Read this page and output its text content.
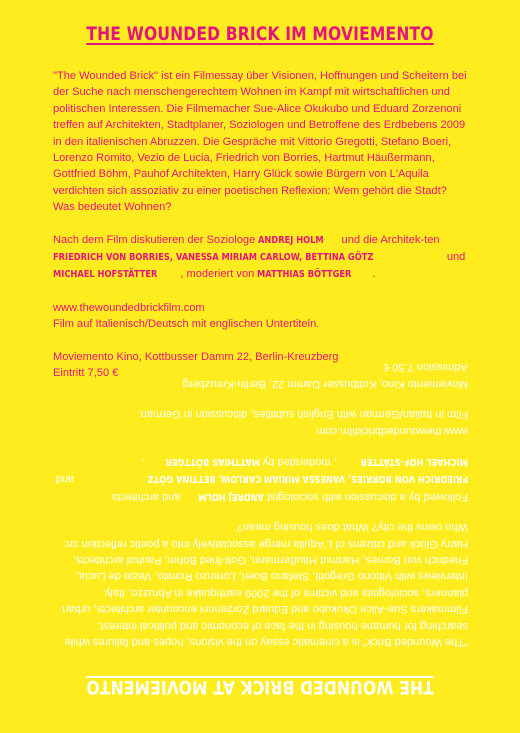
THE WOUNDED BRICK IM MOVIEMENTO

"The Wounded Brick" ist ein Filmessay über Visionen, Hoffnungen und Scheitern bei der Suche nach menschengerechtem Wohnen im Kampf mit wirtschaftlichen und politischen Interessen. Die Filmemacher Sue-Alice Okukubo und Eduard Zorzenoni treffen auf Architekten, Stadtplaner, Soziologen und Betroffene des Erdbebens 2009 in den italienischen Abruzzen. Die Gespräche mit Vittorio Gregotti, Stefano Boeri, Lorenzo Romito, Vezio de Lucia, Friedrich von Borries, Hartmut Häußermann, Gottfried Böhm, Pauhof Architekten, Harry Glück sowie Bürgern von L'Aquila verdichten sich assoziativ zu einer poetischen Reflexion: Wem gehört die Stadt? Was bedeutet Wohnen?

Nach dem Film diskutieren der Soziologe ANDREJ HOLM und die Architek-ten FRIEDRICH VON BORRIES, VANESSA MIRIAM CARLOW, BETTINA GÖTZ	und MICHAEL HOFSTÄTTER , moderiert von MATTHIAS BÖTTGER .

www.thewoundedbrickfilm.com
Film auf Italienisch/Deutsch mit englischen Untertiteln.

Moviemento Kino, Kottbusser Damm 22, Berlin-Kreuzberg
Eintritt 7,50 €

"The Wounded Brick" is a cinematic essay on the visions, hopes and failures while searching for humane housing in the face of economic and political interest. Filmmakers Sue-Alice Okukubo and Eduard Zorzenoni encounter architects, urban planners, sociologists and victims of the 2009 earthquake in Abruzzo, Italy. Interviews with Vittorio Gregotti, Stefano Boeri, Lorenzo Romito, Vezio de Lucia, Friedrich von Borries, Hartmut Häußermann, Gott-fried Böhm, Pauhof architects, Harry Glück and citizens of L'Aquila merge associatively into a poetic reflection on: Who owns the city? What does housing mean?

Followed by a discussion with sociologist ANDREJ HOLM and architects FRIEDRICH VON BORRIES, VANESSA MIRIAM CARLOW, BETTINA GÖTZ and MICHAEL HOF-STÄTTER, moderated by MATTHIAS BÖTTGER.

www.thewoundedbrickfilm.com
Film in Italian/German with English subtitles, discussion in German.

Moviemento Kino, Kottbusser Damm 22, Berlin-Kreuzberg
Admission 7,50 €

THE WOUNDED BRICK AT MOVIEMENTO
